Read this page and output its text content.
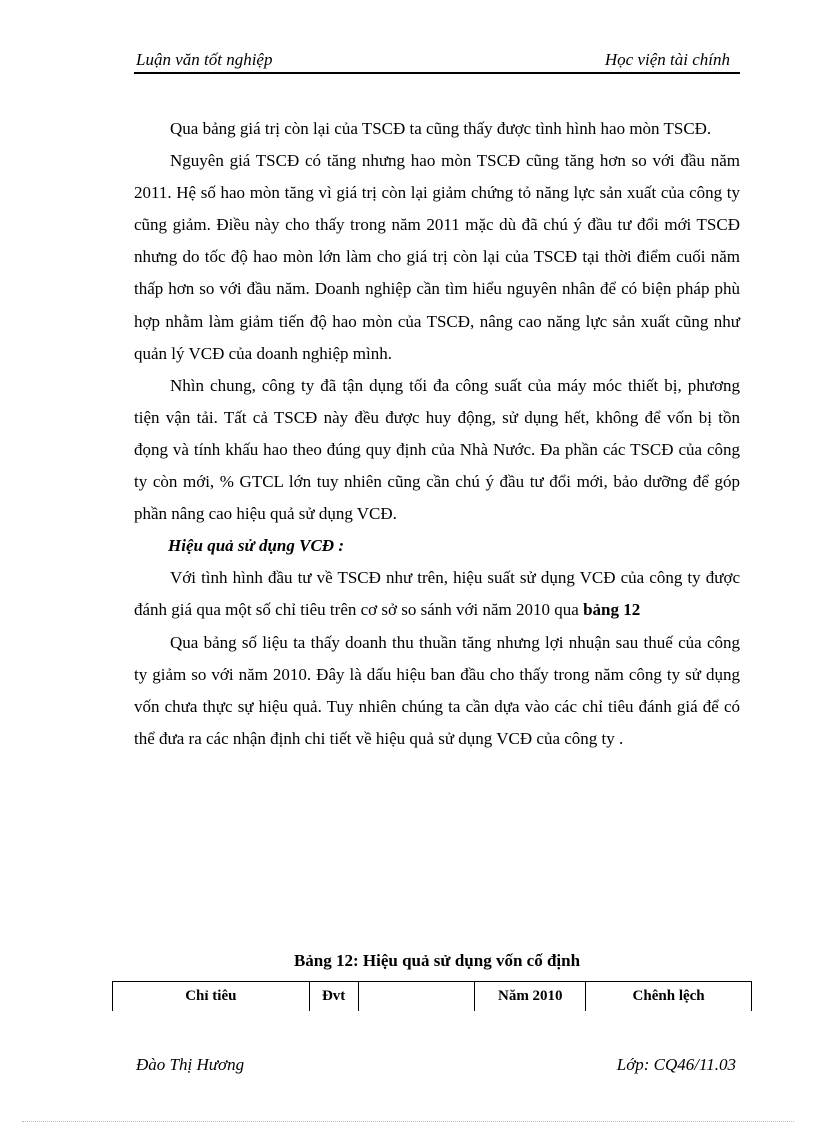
Luận văn tốt nghiệp	Học viện tài chính

Qua bảng giá trị còn lại của TSCĐ ta cũng thấy được tình hình hao mòn TSCĐ.

Nguyên giá TSCĐ có tăng nhưng hao mòn TSCĐ cũng tăng hơn so với đầu năm 2011. Hệ số hao mòn tăng vì giá trị còn lại giảm chứng tỏ năng lực sản xuất của công ty cũng giảm. Điều này cho thấy trong năm 2011 mặc dù đã chú ý đầu tư đổi mới TSCĐ nhưng do tốc độ hao mòn lớn làm cho giá trị còn lại của TSCĐ tại thời điểm cuối năm thấp hơn so với đầu năm. Doanh nghiệp cần tìm hiểu nguyên nhân để có biện pháp phù hợp nhằm làm giảm tiến độ hao mòn của TSCĐ, nâng cao năng lực sản xuất cũng như quản lý VCĐ của doanh nghiệp mình.

Nhìn chung, công ty đã tận dụng tối đa công suất của máy móc thiết bị, phương tiện vận tải. Tất cả TSCĐ này đều được huy động, sử dụng hết, không để vốn bị tồn đọng và tính khấu hao theo đúng quy định của Nhà Nước. Đa phần các TSCĐ của công ty còn mới, % GTCL lớn tuy nhiên cũng cần chú ý đầu tư đổi mới, bảo dưỡng để góp phần nâng cao hiệu quả sử dụng VCĐ.

Hiệu quả sử dụng VCĐ :

Với tình hình đầu tư về TSCĐ như trên, hiệu suất sử dụng VCĐ của công ty được đánh giá qua một số chỉ tiêu trên cơ sở so sánh với năm 2010 qua bảng 12

Qua bảng số liệu ta thấy doanh thu thuần tăng nhưng lợi nhuận sau thuế của công ty giảm so với năm 2010. Đây là dấu hiệu ban đầu cho thấy trong năm công ty sử dụng vốn chưa thực sự hiệu quả. Tuy nhiên chúng ta cần dựa vào các chỉ tiêu đánh giá để có thể đưa ra các nhận định chi tiết về hiệu quả sử dụng VCĐ của công ty .

Bảng 12: Hiệu quả sử dụng vốn cố định
Chỉ tiêu	Đvt		Năm 2010	Chênh lệch
Đào Thị Hương	Lớp: CQ46/11.03
